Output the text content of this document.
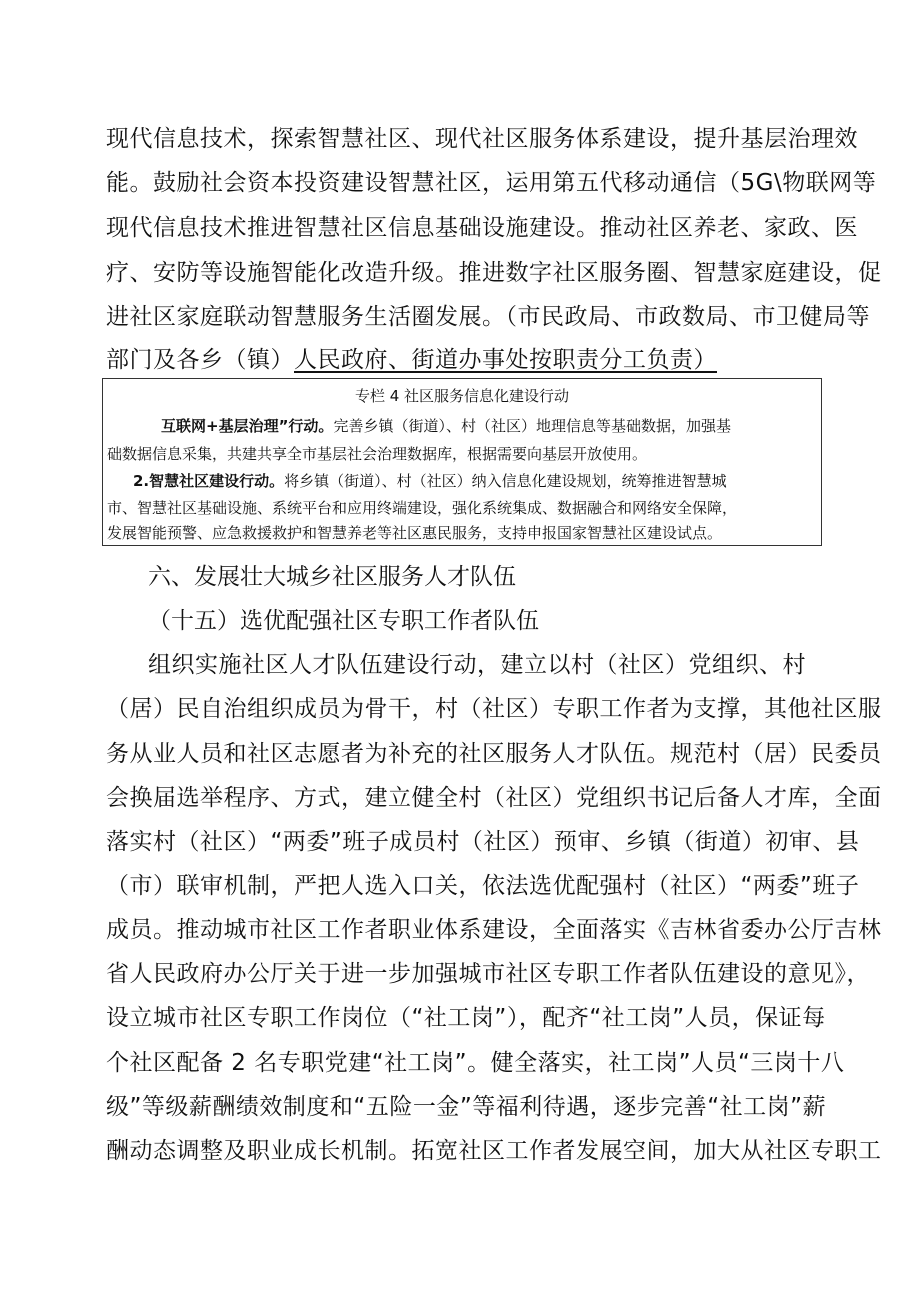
现代信息技术，探索智慧社区、现代社区服务体系建设，提升基层治理效
能。鼓励社会资本投资建设智慧社区，运用第五代移动通信（5G\物联网等
现代信息技术推进智慧社区信息基础设施建设。推动社区养老、家政、医
疗、安防等设施智能化改造升级。推进数字社区服务圈、智慧家庭建设，促
进社区家庭联动智慧服务生活圈发展。（市民政局、市政数局、市卫健局等
部门及各乡（镇）人民政府、街道办事处按职责分工负责）
专栏 4 社区服务信息化建设行动
互联网+基层治理”行动。完善乡镇（街道）、村（社区）地理信息等基础数据，加强基
础数据信息采集，共建共享全市基层社会治理数据库，根据需要向基层开放使用。
2.智慧社区建设行动。将乡镇（街道）、村（社区）纳入信息化建设规划，统筹推进智慧城
市、智慧社区基础设施、系统平台和应用终端建设，强化系统集成、数据融合和网络安全保障，
发展智能预警、应急救援救护和智慧养老等社区惠民服务，支持申报国家智慧社区建设试点。
六、发展壮大城乡社区服务人才队伍
（十五）选优配强社区专职工作者队伍
组织实施社区人才队伍建设行动，建立以村（社区）党组织、村
（居）民自治组织成员为骨干，村（社区）专职工作者为支撑，其他社区服
务从业人员和社区志愿者为补充的社区服务人才队伍。规范村（居）民委员
会换届选举程序、方式，建立健全村（社区）党组织书记后备人才库，全面
落实村（社区）“两委”班子成员村（社区）预审、乡镇（街道）初审、县
（市）联审机制，严把人选入口关，依法选优配强村（社区）“两委”班子
成员。推动城市社区工作者职业体系建设，全面落实《吉林省委办公厅吉林
省人民政府办公厅关于进一步加强城市社区专职工作者队伍建设的意见》，
设立城市社区专职工作岗位（“社工岗”），配齐“社工岗”人员，保证每
个社区配备 2 名专职党建“社工岗”。健全落实，社工岗”人员“三岗十八
级”等级薪酬绩效制度和“五险一金”等福利待遇，逐步完善“社工岗”薪
酬动态调整及职业成长机制。拓宽社区工作者发展空间，加大从社区专职工
